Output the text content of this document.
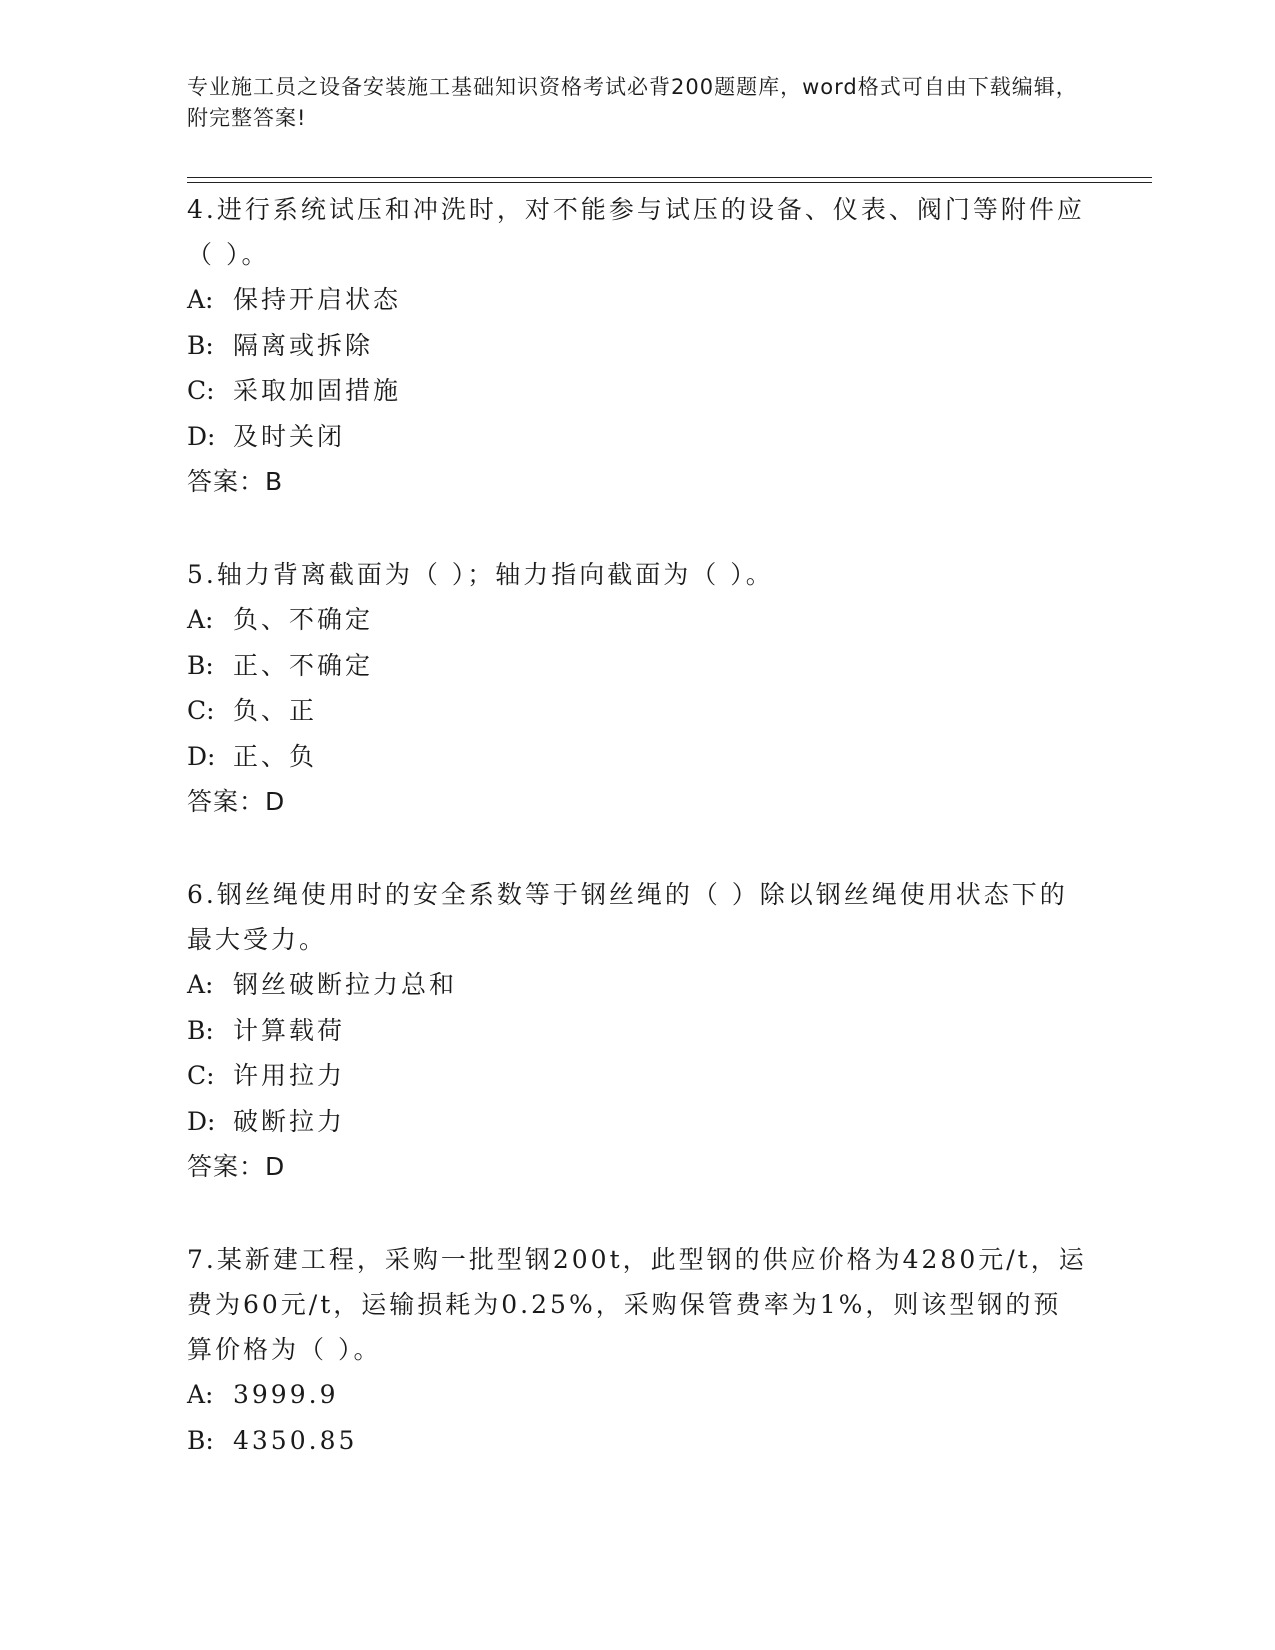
专业施工员之设备安装施工基础知识资格考试必背200题题库，word格式可自由下载编辑，附完整答案!
4.进行系统试压和冲洗时，对不能参与试压的设备、仪表、阀门等附件应（ ）。
A: 保持开启状态
B: 隔离或拆除
C: 采取加固措施
D: 及时关闭
答案：B
5.轴力背离截面为（ ）；轴力指向截面为（ ）。
A: 负、不确定
B: 正、不确定
C: 负、正
D: 正、负
答案：D
6.钢丝绳使用时的安全系数等于钢丝绳的（ ）除以钢丝绳使用状态下的最大受力。
A: 钢丝破断拉力总和
B: 计算载荷
C: 许用拉力
D: 破断拉力
答案：D
7.某新建工程，采购一批型钢200t，此型钢的供应价格为4280元/t，运费为60元/t，运输损耗为0.25%，采购保管费率为1%，则该型钢的预算价格为（ ）。
A: 3999.9
B: 4350.85
